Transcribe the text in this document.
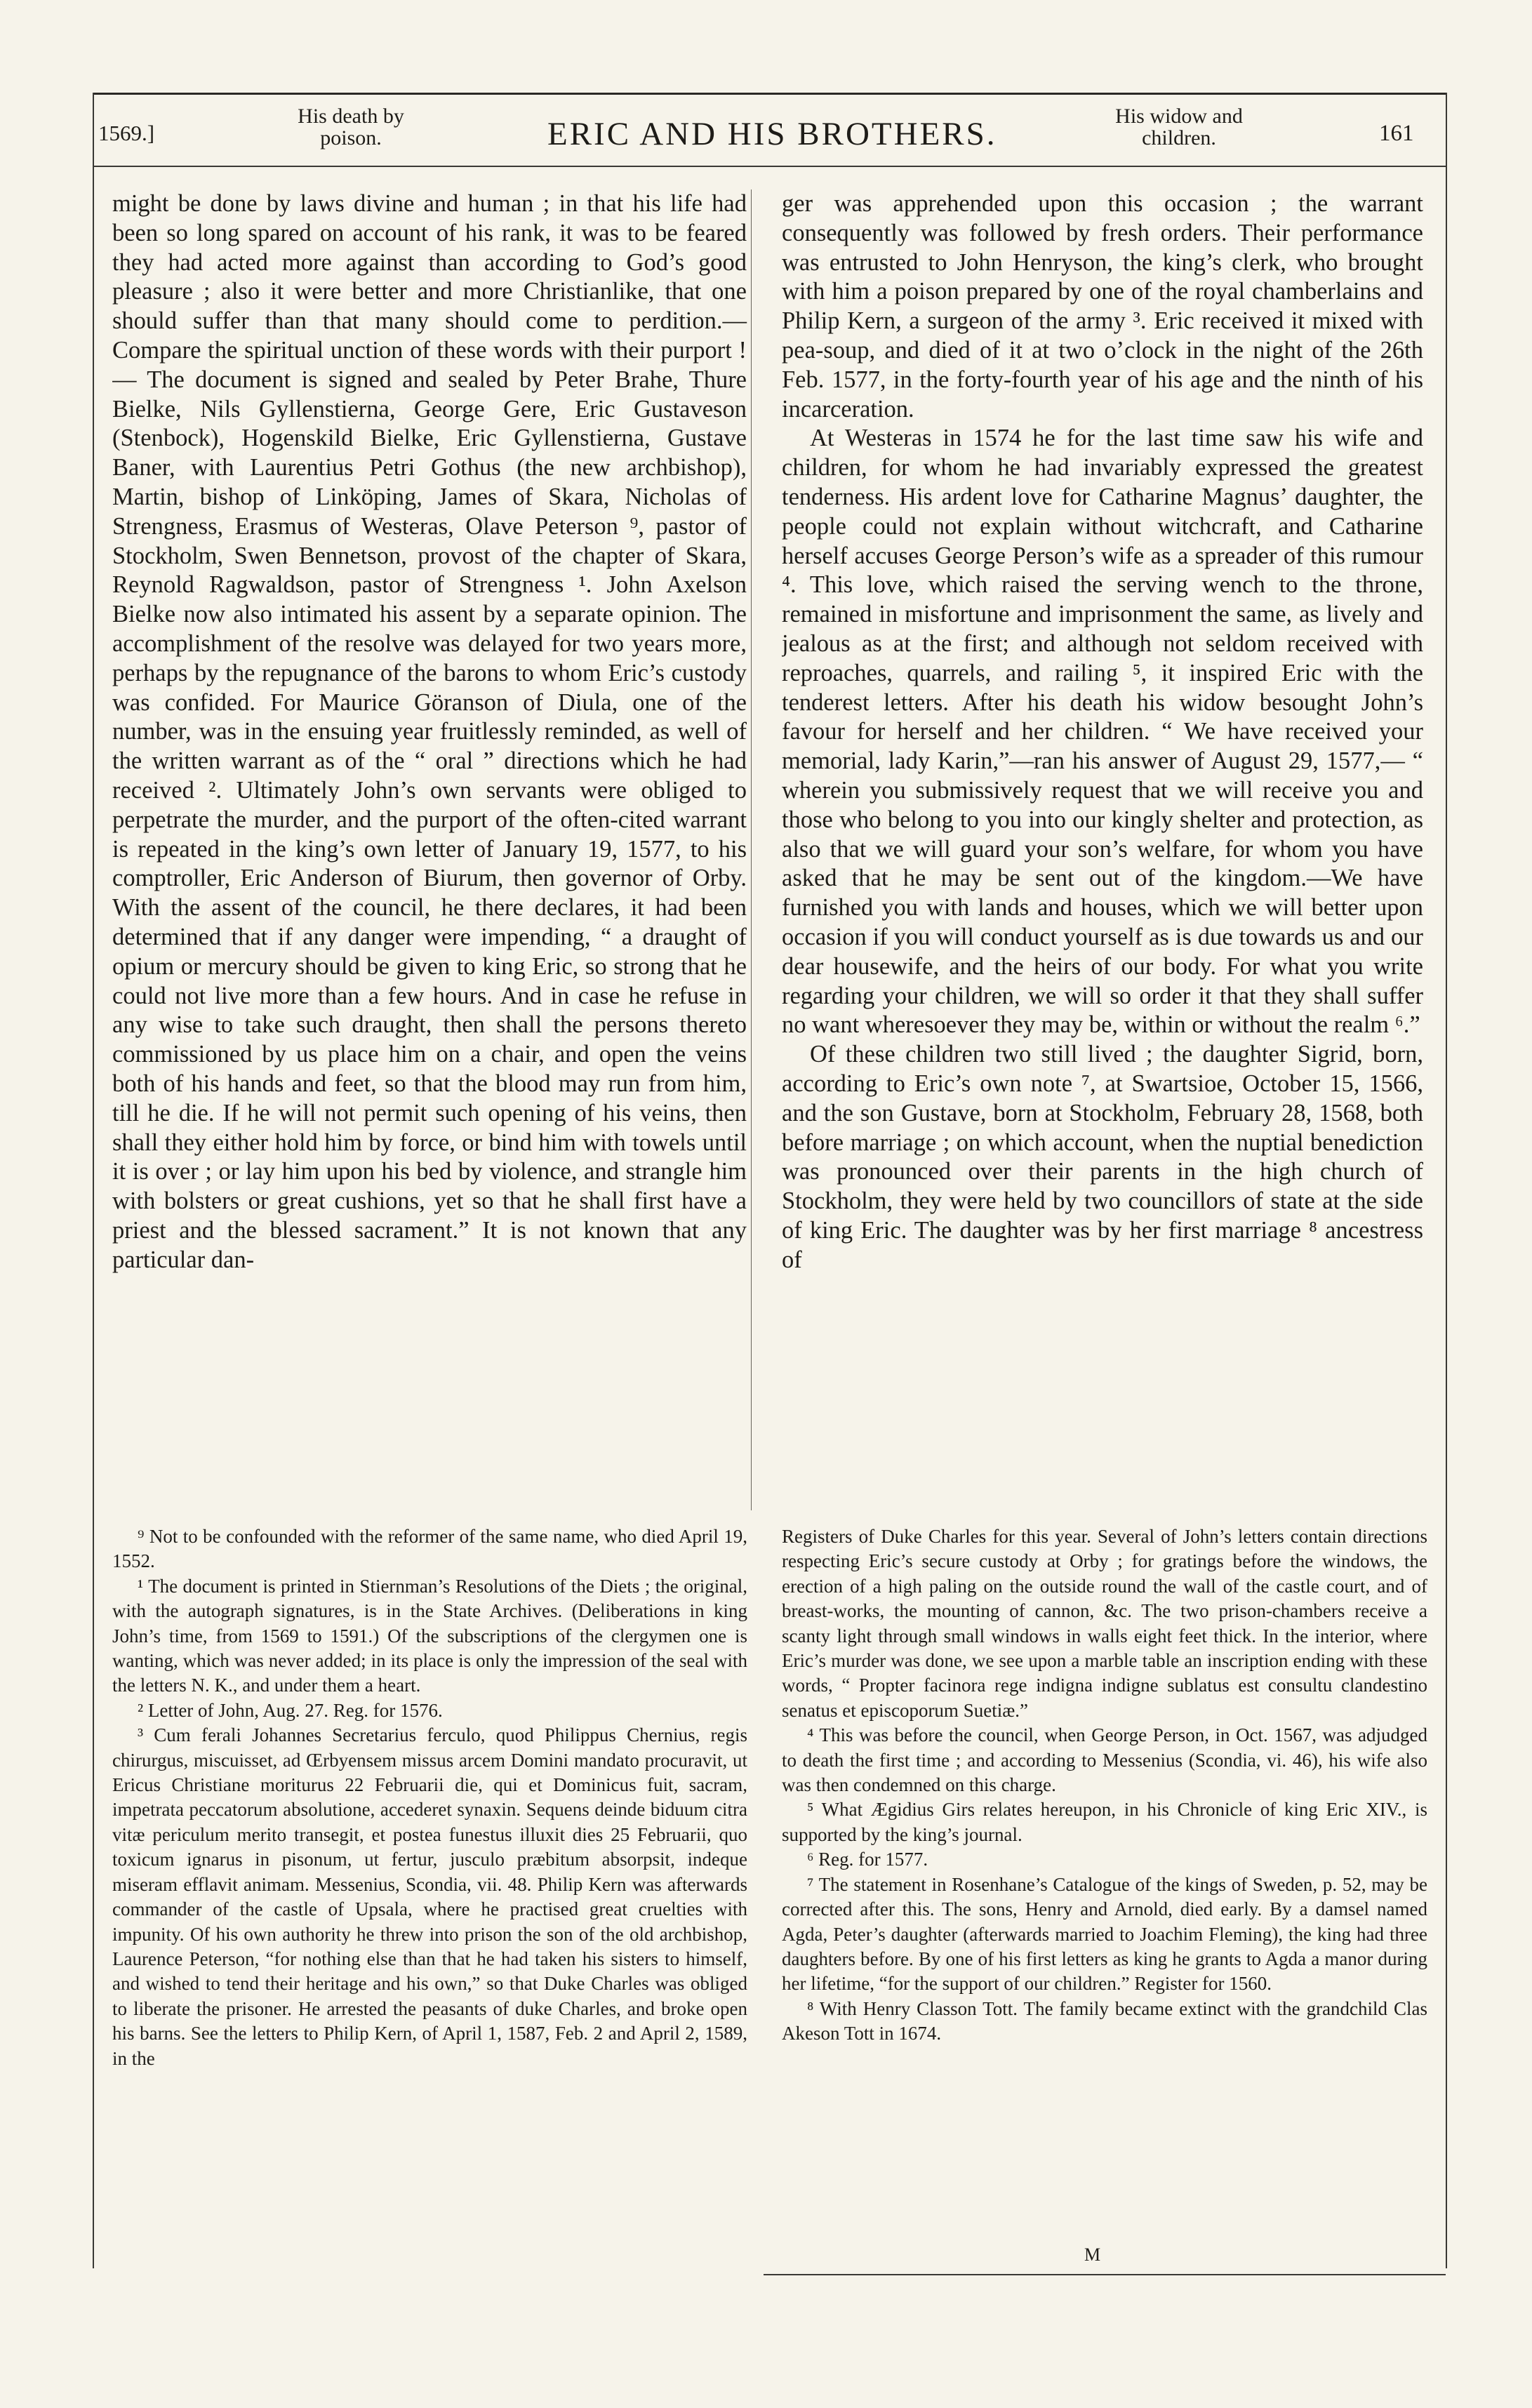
1569.]
His death by
poison.	ERIC AND HIS BROTHERS.	His widow and
children.	161

might be done by laws divine and human ; in that his life had been so long spared on account of his rank, it was to be feared they had acted more against than according to God’s good pleasure ; also it were better and more Christianlike, that one should suffer than that many should come to perdition.—Compare the spiritual unction of these words with their purport ! — The document is signed and sealed by Peter Brahe, Thure Bielke, Nils Gyllenstierna, George Gere, Eric Gustaveson (Stenbock), Hogenskild Bielke, Eric Gyllenstierna, Gustave Baner, with Laurentius Petri Gothus (the new archbishop), Martin, bishop of Linköping, James of Skara, Nicholas of Strengness, Erasmus of Westeras, Olave Peterson ⁹, pastor of Stockholm, Swen Bennetson, provost of the chapter of Skara, Reynold Ragwaldson, pastor of Strengness ¹. John Axelson Bielke now also intimated his assent by a separate opinion. The accomplishment of the resolve was delayed for two years more, perhaps by the repugnance of the barons to whom Eric’s custody was confided. For Maurice Göranson of Diula, one of the number, was in the ensuing year fruitlessly reminded, as well of the written warrant as of the “ oral ” directions which he had received ². Ultimately John’s own servants were obliged to perpetrate the murder, and the purport of the often-cited warrant is repeated in the king’s own letter of January 19, 1577, to his comptroller, Eric Anderson of Biurum, then governor of Orby. With the assent of the council, he there declares, it had been determined that if any danger were impending, “ a draught of opium or mercury should be given to king Eric, so strong that he could not live more than a few hours. And in case he refuse in any wise to take such draught, then shall the persons thereto commissioned by us place him on a chair, and open the veins both of his hands and feet, so that the blood may run from him, till he die. If he will not permit such opening of his veins, then shall they either hold him by force, or bind him with towels until it is over ; or lay him upon his bed by violence, and strangle him with bolsters or great cushions, yet so that he shall first have a priest and the blessed sacrament.” It is not known that any particular dan-

ger was apprehended upon this occasion ; the warrant consequently was followed by fresh orders. Their performance was entrusted to John Henryson, the king’s clerk, who brought with him a poison prepared by one of the royal chamberlains and Philip Kern, a surgeon of the army ³. Eric received it mixed with pea-soup, and died of it at two o’clock in the night of the 26th Feb. 1577, in the forty-fourth year of his age and the ninth of his incarceration.

At Westeras in 1574 he for the last time saw his wife and children, for whom he had invariably expressed the greatest tenderness. His ardent love for Catharine Magnus’ daughter, the people could not explain without witchcraft, and Catharine herself accuses George Person’s wife as a spreader of this rumour ⁴. This love, which raised the serving wench to the throne, remained in misfortune and imprisonment the same, as lively and jealous as at the first; and although not seldom received with reproaches, quarrels, and railing ⁵, it inspired Eric with the tenderest letters. After his death his widow besought John’s favour for herself and her children. “ We have received your memorial, lady Karin,”—ran his answer of August 29, 1577,— “ wherein you submissively request that we will receive you and those who belong to you into our kingly shelter and protection, as also that we will guard your son’s welfare, for whom you have asked that he may be sent out of the kingdom.—We have furnished you with lands and houses, which we will better upon occasion if you will conduct yourself as is due towards us and our dear housewife, and the heirs of our body. For what you write regarding your children, we will so order it that they shall suffer no want wheresoever they may be, within or without the realm ⁶.”

Of these children two still lived ; the daughter Sigrid, born, according to Eric’s own note ⁷, at Swartsioe, October 15, 1566, and the son Gustave, born at Stockholm, February 28, 1568, both before marriage ; on which account, when the nuptial benediction was pronounced over their parents in the high church of Stockholm, they were held by two councillors of state at the side of king Eric. The daughter was by her first marriage ⁸ ancestress of

⁹ Not to be confounded with the reformer of the same name, who died April 19, 1552.

¹ The document is printed in Stiernman’s Resolutions of the Diets ; the original, with the autograph signatures, is in the State Archives. (Deliberations in king John’s time, from 1569 to 1591.) Of the subscriptions of the clergymen one is wanting, which was never added; in its place is only the impression of the seal with the letters N. K., and under them a heart.

² Letter of John, Aug. 27. Reg. for 1576.

³ Cum ferali Johannes Secretarius ferculo, quod Philippus Chernius, regis chirurgus, miscuisset, ad Œrbyensem missus arcem Domini mandato procuravit, ut Ericus Christiane moriturus 22 Februarii die, qui et Dominicus fuit, sacram, impetrata peccatorum absolutione, accederet synaxin. Sequens deinde biduum citra vitæ periculum merito transegit, et postea funestus illuxit dies 25 Februarii, quo toxicum ignarus in pisonum, ut fertur, jusculo præbitum absorpsit, indeque miseram efflavit animam. Messenius, Scondia, vii. 48. Philip Kern was afterwards commander of the castle of Upsala, where he practised great cruelties with impunity. Of his own authority he threw into prison the son of the old archbishop, Laurence Peterson, “for nothing else than that he had taken his sisters to himself, and wished to tend their heritage and his own,” so that Duke Charles was obliged to liberate the prisoner. He arrested the peasants of duke Charles, and broke open his barns. See the letters to Philip Kern, of April 1, 1587, Feb. 2 and April 2, 1589, in the

Registers of Duke Charles for this year. Several of John’s letters contain directions respecting Eric’s secure custody at Orby ; for gratings before the windows, the erection of a high paling on the outside round the wall of the castle court, and of breast-works, the mounting of cannon, &c. The two prison-chambers receive a scanty light through small windows in walls eight feet thick. In the interior, where Eric’s murder was done, we see upon a marble table an inscription ending with these words, “ Propter facinora rege indigna indigne sublatus est consultu clandestino senatus et episcoporum Suetiæ.”

⁴ This was before the council, when George Person, in Oct. 1567, was adjudged to death the first time ; and according to Messenius (Scondia, vi. 46), his wife also was then condemned on this charge.

⁵ What Ægidius Girs relates hereupon, in his Chronicle of king Eric XIV., is supported by the king’s journal.

⁶ Reg. for 1577.

⁷ The statement in Rosenhane’s Catalogue of the kings of Sweden, p. 52, may be corrected after this. The sons, Henry and Arnold, died early. By a damsel named Agda, Peter’s daughter (afterwards married to Joachim Fleming), the king had three daughters before. By one of his first letters as king he grants to Agda a manor during her lifetime, “for the support of our children.” Register for 1560.

⁸ With Henry Classon Tott. The family became extinct with the grandchild Clas Akeson Tott in 1674.

M
